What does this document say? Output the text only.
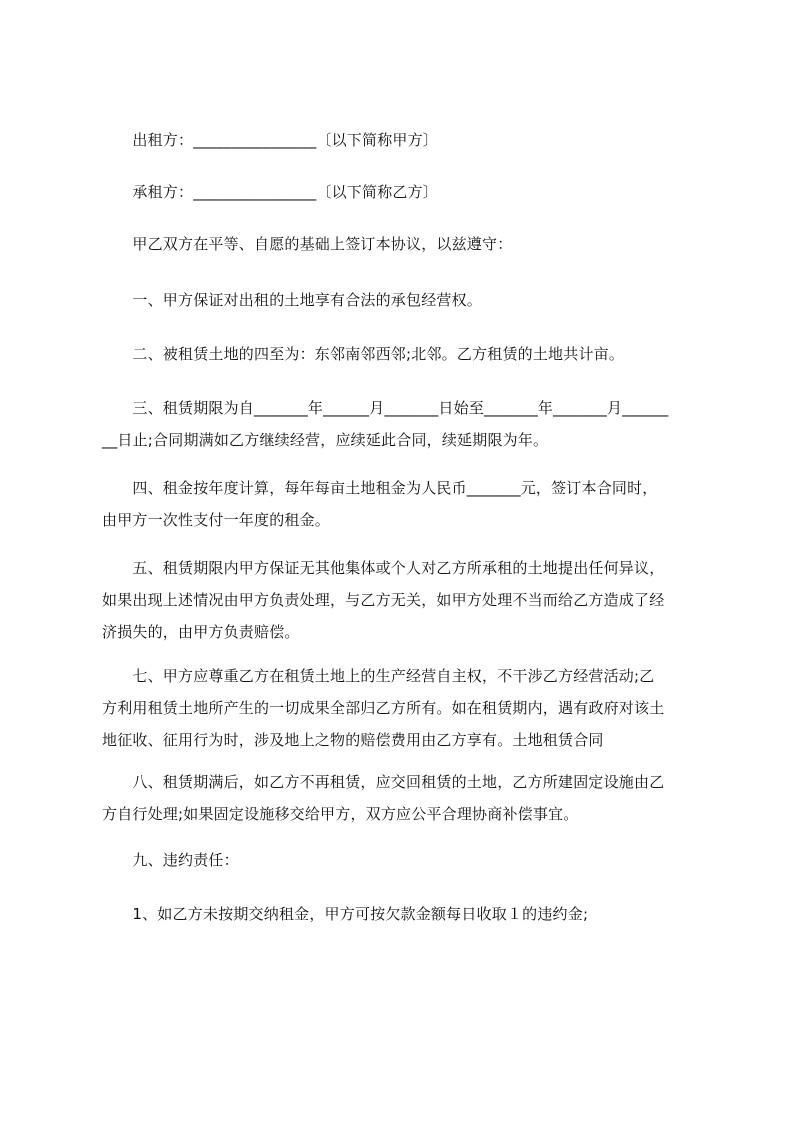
　　出租方：________________〔以下简称甲方〕

　　承租方：________________〔以下简称乙方〕

　　甲乙双方在平等、自愿的基础上签订本协议，以兹遵守：

　　一、甲方保证对出租的土地享有合法的承包经营权。

　　二、被租赁土地的四至为：东邻南邻西邻;北邻。乙方租赁的土地共计亩。

　　三、租赁期限为自_______年______月_______日始至_______年_______月______
__日止;合同期满如乙方继续经营，应续延此合同，续延期限为年。

　　四、租金按年度计算，每年每亩土地租金为人民币_______元，签订本合同时，
由甲方一次性支付一年度的租金。

　　五、租赁期限内甲方保证无其他集体或个人对乙方所承租的土地提出任何异议，
如果出现上述情况由甲方负责处理，与乙方无关，如甲方处理不当而给乙方造成了经
济损失的，由甲方负责赔偿。

　　七、甲方应尊重乙方在租赁土地上的生产经营自主权，不干涉乙方经营活动;乙
方利用租赁土地所产生的一切成果全部归乙方所有。如在租赁期内，遇有政府对该土
地征收、征用行为时，涉及地上之物的赔偿费用由乙方享有。土地租赁合同

　　八、租赁期满后，如乙方不再租赁，应交回租赁的土地，乙方所建固定设施由乙
方自行处理;如果固定设施移交给甲方，双方应公平合理协商补偿事宜。

　　九、违约责任：

　　1、如乙方未按期交纳租金，甲方可按欠款金额每日收取１的违约金;
